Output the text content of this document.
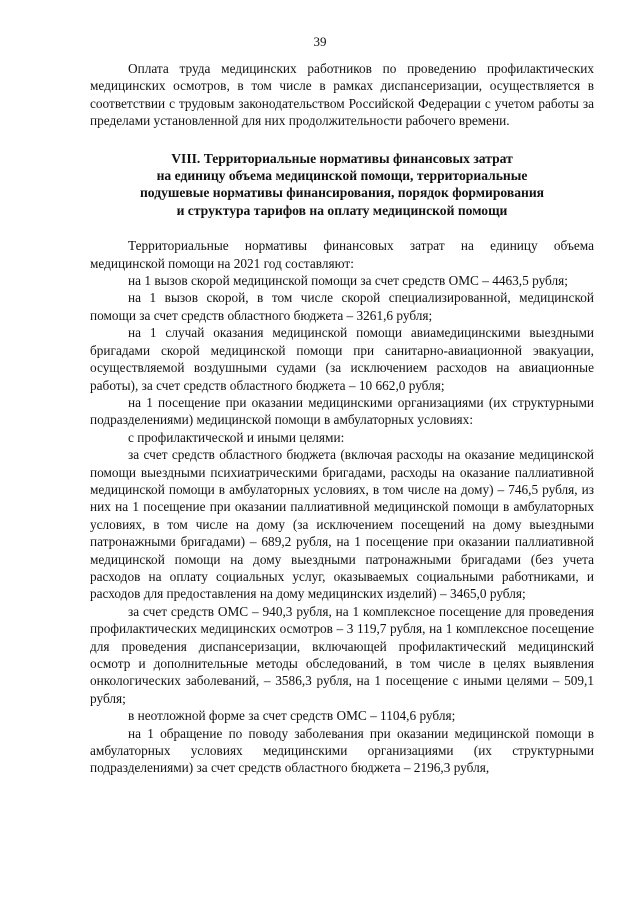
39

Оплата труда медицинских работников по проведению профилактических медицинских осмотров, в том числе в рамках диспансеризации, осуществляется в соответствии с трудовым законодательством Российской Федерации с учетом работы за пределами установленной для них продолжительности рабочего времени.

VIII. Территориальные нормативы финансовых затрат
на единицу объема медицинской помощи, территориальные
подушевые нормативы финансирования, порядок формирования
и структура тарифов на оплату медицинской помощи

Территориальные нормативы финансовых затрат на единицу объема медицинской помощи на 2021 год составляют:

на 1 вызов скорой медицинской помощи за счет средств ОМС – 4463,5 рубля;

на 1 вызов скорой, в том числе скорой специализированной, медицинской помощи за счет средств областного бюджета – 3261,6 рубля;

на 1 случай оказания медицинской помощи авиамедицинскими выездными бригадами скорой медицинской помощи при санитарно-авиационной эвакуации, осуществляемой воздушными судами (за исключением расходов на авиационные работы), за счет средств областного бюджета – 10 662,0 рубля;

на 1 посещение при оказании медицинскими организациями (их структурными подразделениями) медицинской помощи в амбулаторных условиях:

с профилактической и иными целями:

за счет средств областного бюджета (включая расходы на оказание медицинской помощи выездными психиатрическими бригадами, расходы на оказание паллиативной медицинской помощи в амбулаторных условиях, в том числе на дому) – 746,5 рубля, из них на 1 посещение при оказании паллиативной медицинской помощи в амбулаторных условиях, в том числе на дому (за исключением посещений на дому выездными патронажными бригадами) – 689,2 рубля, на 1 посещение при оказании паллиативной медицинской помощи на дому выездными патронажными бригадами (без учета расходов на оплату социальных услуг, оказываемых социальными работниками, и расходов для предоставления на дому медицинских изделий) – 3465,0 рубля;

за счет средств ОМС – 940,3 рубля, на 1 комплексное посещение для проведения профилактических медицинских осмотров – 3 119,7 рубля, на 1 комплексное посещение для проведения диспансеризации, включающей профилактический медицинский осмотр и дополнительные методы обследований, в том числе в целях выявления онкологических заболеваний, – 3586,3 рубля, на 1 посещение с иными целями – 509,1 рубля;

в неотложной форме за счет средств ОМС – 1104,6 рубля;

на 1 обращение по поводу заболевания при оказании медицинской помощи в амбулаторных условиях медицинскими организациями (их структурными подразделениями) за счет средств областного бюджета – 2196,3 рубля,
